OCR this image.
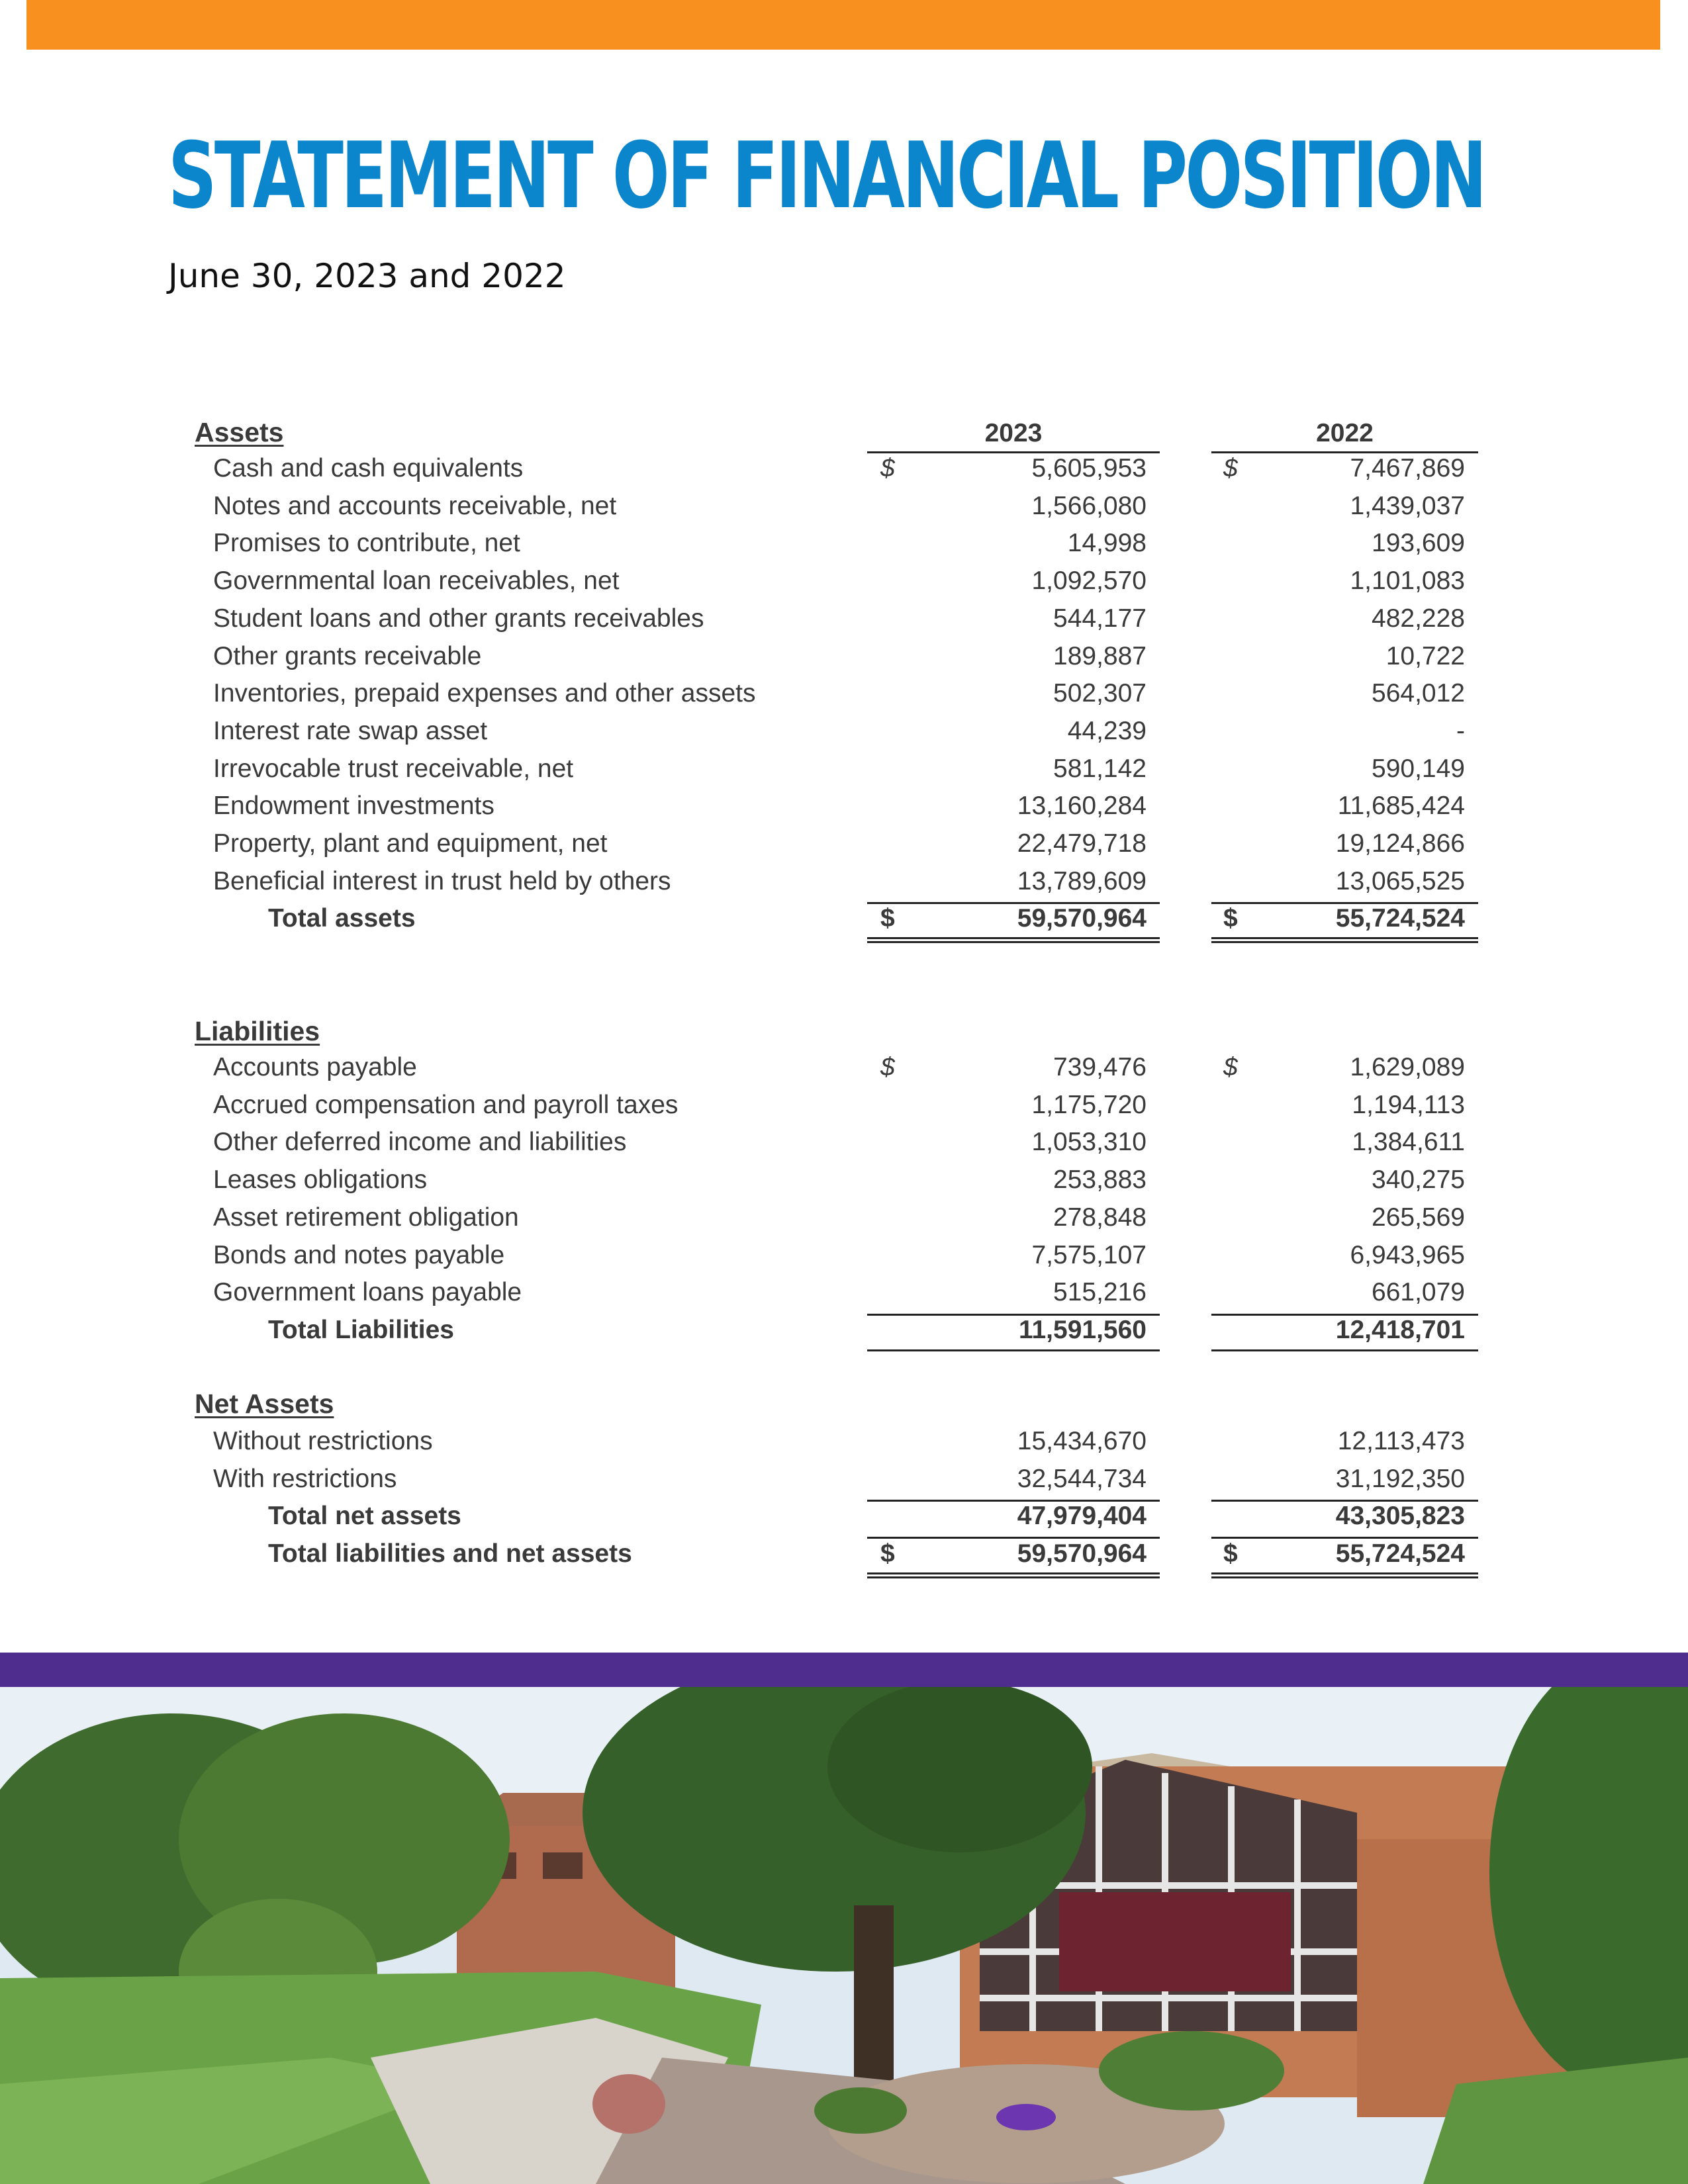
STATEMENT OF FINANCIAL POSITION
June 30, 2023 and 2022
2023	2022
Assets
Cash and cash equivalents	5,605,953	7,467,869
Notes and accounts receivable, net	1,566,080	1,439,037
Promises to contribute, net	14,998	193,609
Governmental loan receivables, net	1,092,570	1,101,083
Student loans and other grants receivables	544,177	482,228
Other grants receivable	189,887	10,722
Inventories, prepaid expenses and other assets	502,307	564,012
Interest rate swap asset	44,239	-
Irrevocable trust receivable, net	581,142	590,149
Endowment investments	13,160,284	11,685,424
Property, plant and equipment, net	22,479,718	19,124,866
Beneficial interest in trust held by others	13,789,609	13,065,525
$	$
Total assets	59,570,964	55,724,524
$	$
Liabilities
Accounts payable	739,476	1,629,089
Accrued compensation and payroll taxes	1,175,720	1,194,113
Other deferred income and liabilities	1,053,310	1,384,611
Leases obligations	253,883	340,275
Asset retirement obligation	278,848	265,569
Bonds and notes payable	7,575,107	6,943,965
Government loans payable	515,216	661,079
$	$
Total Liabilities	11,591,560	12,418,701
Net Assets
Without restrictions	15,434,670	12,113,473
With restrictions	32,544,734	31,192,350
Total net assets	47,979,404	43,305,823
Total liabilities and net assets	59,570,964	55,724,524
$	$
